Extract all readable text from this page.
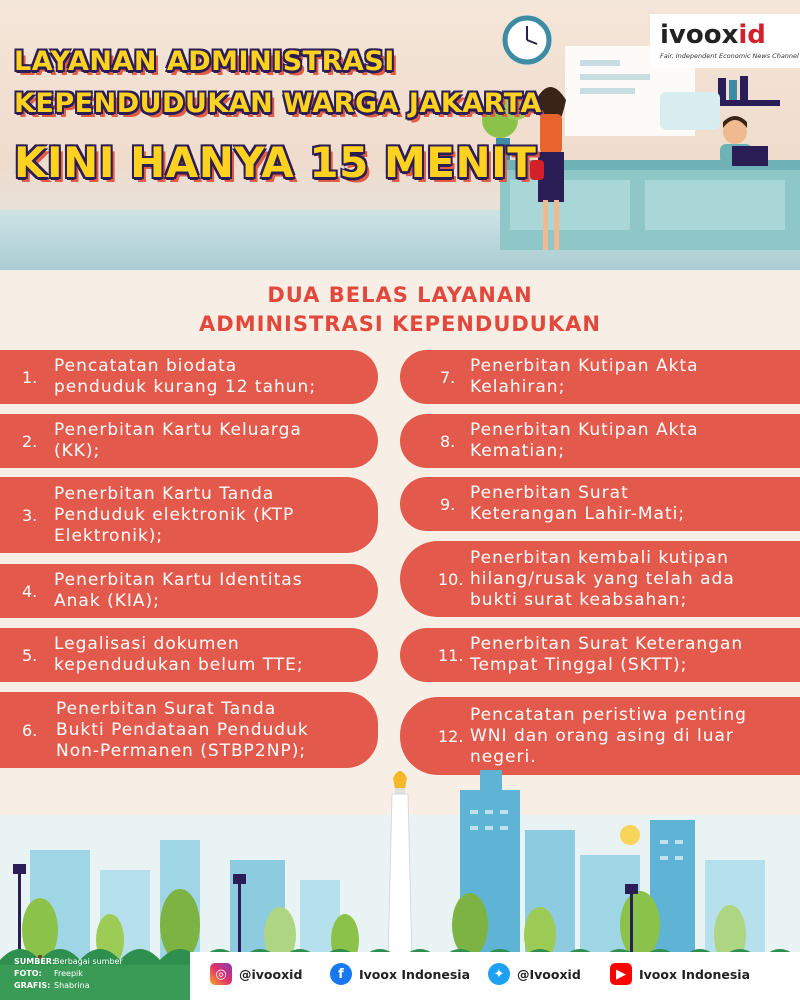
LAYANAN ADMINISTRASI
KEPENDUDUKAN WARGA JAKARTA
KINI HANYA 15 MENIT
ivooxid
Fair, Independent Economic News Channel
DUA BELAS LAYANAN
ADMINISTRASI KEPENDUDUKAN
1.
Pencatatan biodata
penduduk kurang 12 tahun;
2.
Penerbitan Kartu Keluarga
(KK);
3.
Penerbitan Kartu Tanda
Penduduk elektronik (KTP
Elektronik);
4.
Penerbitan Kartu Identitas
Anak (KIA);
5.
Legalisasi dokumen
kependudukan belum TTE;
6.
Penerbitan Surat Tanda
Bukti Pendataan Penduduk
Non-Permanen (STBP2NP);
7.
Penerbitan Kutipan Akta
Kelahiran;
8.
Penerbitan Kutipan Akta
Kematian;
9.
Penerbitan Surat
Keterangan Lahir-Mati;
10.
Penerbitan kembali kutipan
hilang/rusak yang telah ada
bukti surat keabsahan;
11.
Penerbitan Surat Keterangan
Tempat Tinggal (SKTT);
12.
Pencatatan peristiwa penting
WNI dan orang asing di luar
negeri.
SUMBER:Berbagai sumber
FOTO: Freepik
GRAFIS: Shabrina
◎ @ivooxid	f	Ivoox Indonesia	✦	@Ivooxid	▶	Ivoox Indonesia
